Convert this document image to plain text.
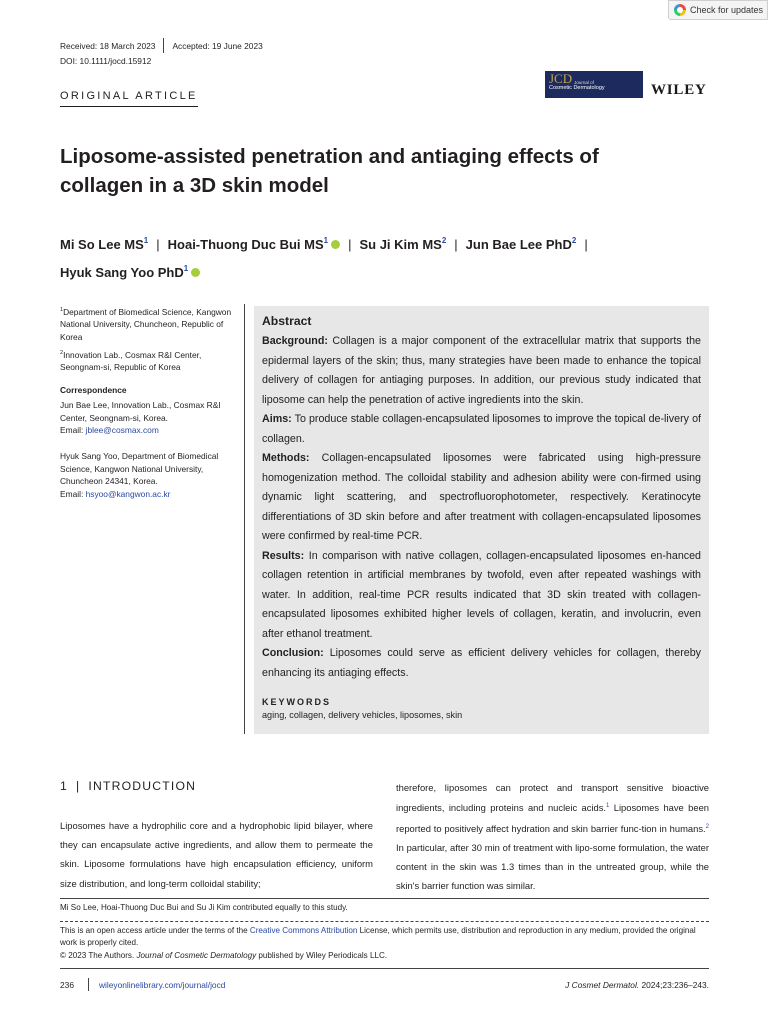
Check for updates
Received: 18 March 2023 Accepted: 19 June 2023
DOI: 10.1111/jocd.15912
JCD Journal of
Cosmetic Dermatology	WILEY
ORIGINAL ARTICLE
Liposome-assisted penetration and antiaging effects of collagen in a 3D skin model
Mi So Lee $MS^1$ | Hoai-Thuong Duc Bui $MS^1$ | Su Ji Kim $MS^2$ | Jun Bae Lee PhD$^2$ |
Hyuk Sang Yoo PhD$^1$

$^1$Department of Biomedical Science, Kangwon National University, Chuncheon, Republic of Korea

$^2$Innovation Lab., Cosmax R&I Center, Seongnam-si, Republic of Korea

Correspondence

Jun Bae Lee, Innovation Lab., Cosmax R&I Center, Seongnam-si, Korea.
Email: jblee@cosmax.com

Hyuk Sang Yoo, Department of Biomedical Science, Kangwon National University, Chuncheon 24341, Korea.
Email: hsyoo@kangwon.ac.kr

Abstract

Background: Collagen is a major component of the extracellular matrix that supports the epidermal layers of the skin; thus, many strategies have been made to enhance the topical delivery of collagen for antiaging purposes. In addition, our previous study indicated that liposome can help the penetration of active ingredients into the skin.

Aims: To produce stable collagen-encapsulated liposomes to improve the topical de-livery of collagen.

Methods: Collagen-encapsulated liposomes were fabricated using high-pressure homogenization method. The colloidal stability and adhesion ability were con-firmed using dynamic light scattering, and spectrofluorophotometer, respectively. Keratinocyte differentiations of 3D skin before and after treatment with collagen-encapsulated liposomes were confirmed by real-time PCR.

Results: In comparison with native collagen, collagen-encapsulated liposomes en-hanced collagen retention in artificial membranes by twofold, even after repeated washings with water. In addition, real-time PCR results indicated that 3D skin treated with collagen-encapsulated liposomes exhibited higher levels of collagen, keratin, and involucrin, even after ethanol treatment.

Conclusion: Liposomes could serve as efficient delivery vehicles for collagen, thereby enhancing its antiaging effects.

KEYWORDS
aging, collagen, delivery vehicles, liposomes, skin
1 | INTRODUCTION

Liposomes have a hydrophilic core and a hydrophobic lipid bilayer, where they can encapsulate active ingredients, and allow them to permeate the skin. Liposome formulations have high encapsulation efficiency, uniform size distribution, and long-term colloidal stability;

therefore, liposomes can protect and transport sensitive bioactive ingredients, including proteins and nucleic acids.$^1$ Liposomes have been reported to positively affect hydration and skin barrier func-tion in humans.$^2$ In particular, after 30 min of treatment with lipo-some formulation, the water content in the skin was 1.3 times than in the untreated group, while the skin's barrier function was similar.

Mi So Lee, Hoai-Thuong Duc Bui and Su Ji Kim contributed equally to this study.
This is an open access article under the terms of the Creative Commons Attribution License, which permits use, distribution and reproduction in any medium, provided the original work is properly cited.
© 2023 The Authors. Journal of Cosmetic Dermatology published by Wiley Periodicals LLC.
236	wileyonlinelibrary.com/journal/jocd	J Cosmet Dermatol. 2024;23:236–243.
